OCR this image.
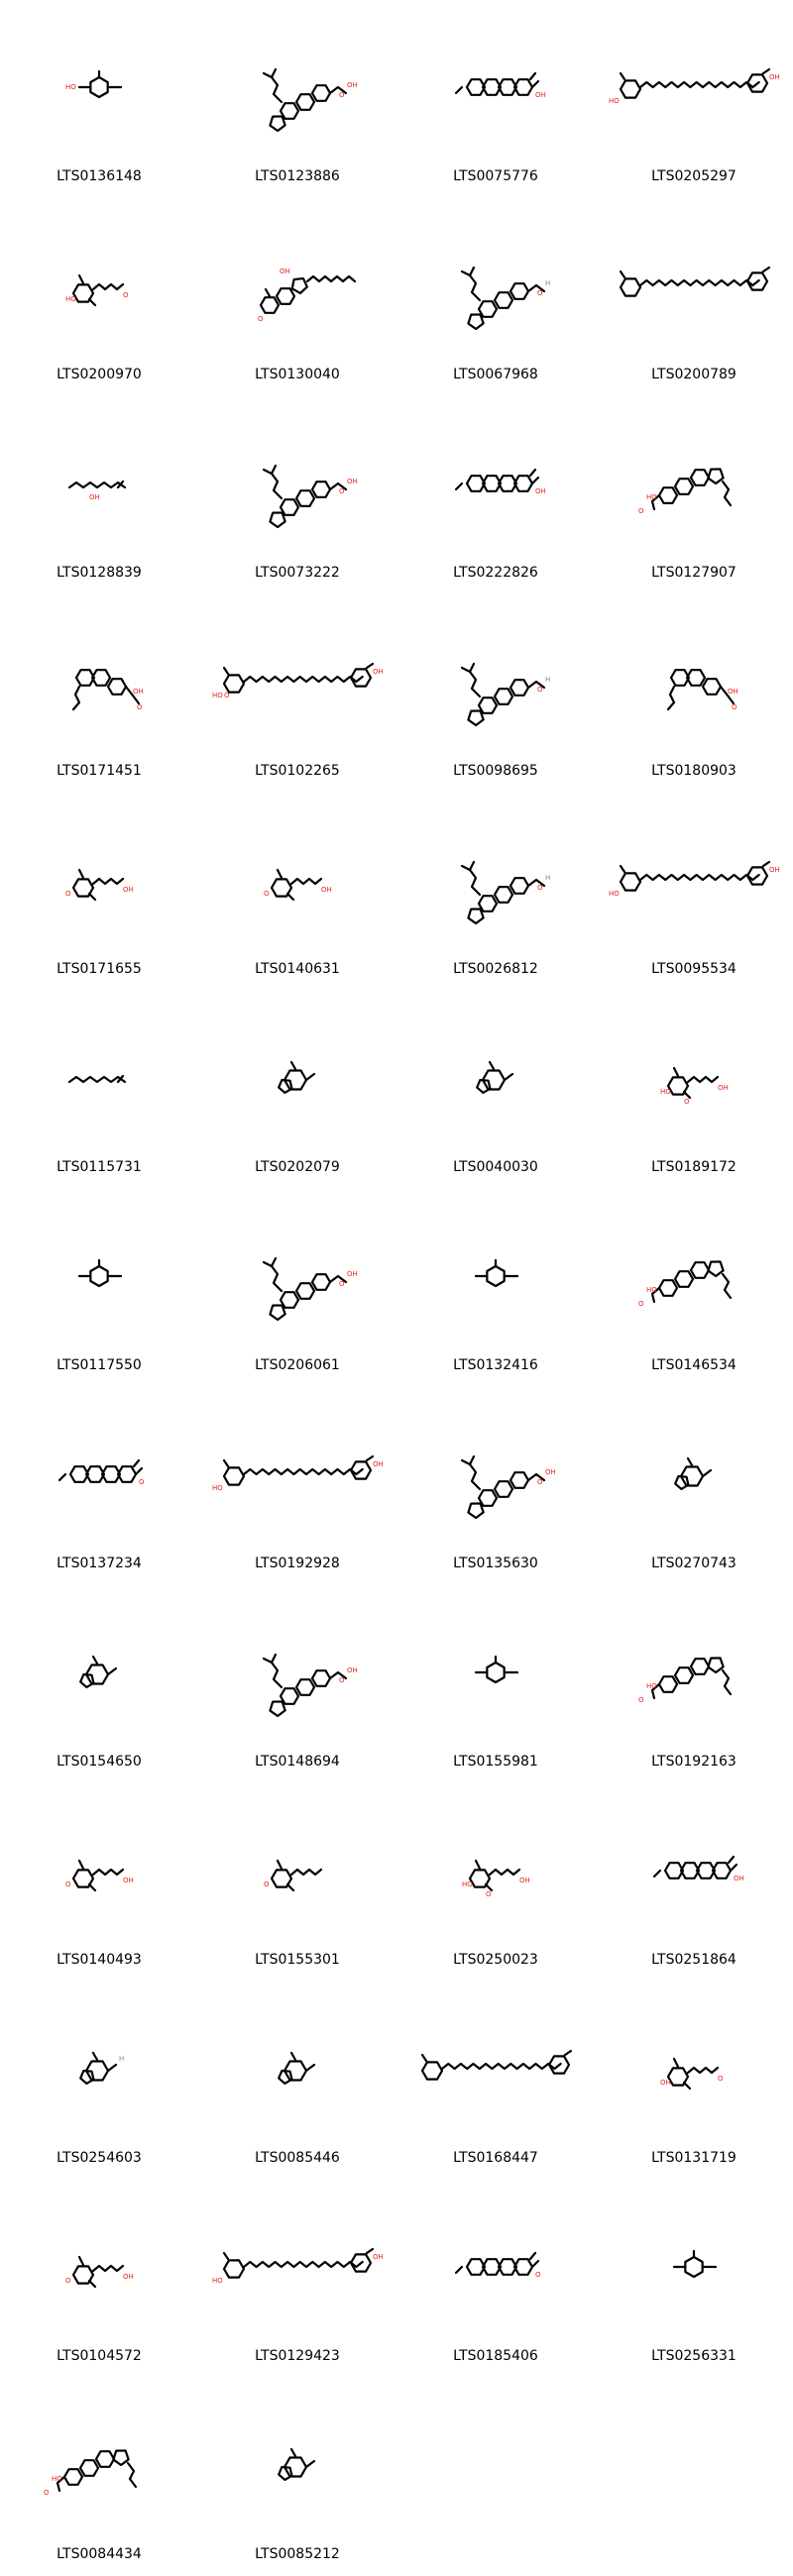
HO
LTS0136148
O
OH
LTS0123886
OH
LTS0075776
HO
OH
LTS0205297
HO	O
LTS0200970
O
OH
LTS0130040
O
H
LTS0067968	LTS0200789
OH
LTS0128839
O
OH
LTS0073222
OH
LTS0222826
O
HO
LTS0127907
O
OH
LTS0171451
HO
OH
O
LTS0102265
O
H
LTS0098695
O
OH
LTS0180903
O	OH
LTS0171655
O	OH
LTS0140631
O
H
LTS0026812
HO
OH
LTS0095534
LTS0115731	LTS0202079	LTS0040030
HO	OH
O
LTS0189172
LTS0117550
O
OH
LTS0206061	LTS0132416
O
HO
LTS0146534
O
LTS0137234
HO
OH
LTS0192928
O
OH
LTS0135630	LTS0270743
LTS0154650
O
OH
LTS0148694	LTS0155981
O
HO
LTS0192163
O	OH
LTS0140493
O
LTS0155301
HO	OH
O
LTS0250023
OH
LTS0251864
H
LTS0254603	LTS0085446	LTS0168447
OH	O
LTS0131719
O	OH
LTS0104572
HO
OH
LTS0129423
O
LTS0185406	LTS0256331
O
HO
LTS0084434	LTS0085212
